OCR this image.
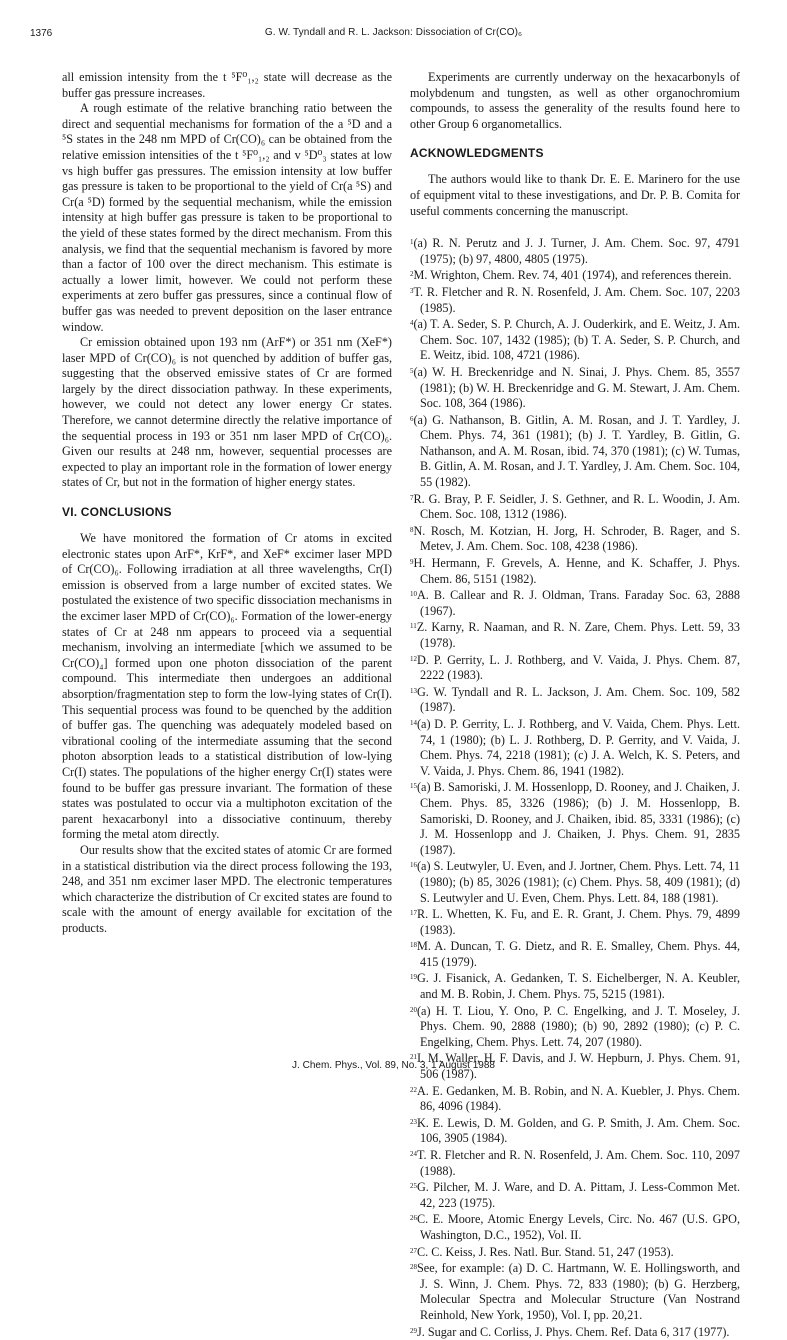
1376	G. W. Tyndall and R. L. Jackson: Dissociation of Cr(CO)₆

all emission intensity from the t ⁵F⁰₁,₂ state will decrease as the buffer gas pressure increases.

A rough estimate of the relative branching ratio between the direct and sequential mechanisms for formation of the a ⁵D and a ⁵S states in the 248 nm MPD of Cr(CO)₆ can be obtained from the relative emission intensities of the t ⁵F⁰₁,₂ and v ⁵D⁰₃ states at low vs high buffer gas pressures. The emission intensity at low buffer gas pressure is taken to be proportional to the yield of Cr(a ⁵S) and Cr(a ⁵D) formed by the sequential mechanism, while the emission intensity at high buffer gas pressure is taken to be proportional to the yield of these states formed by the direct mechanism. From this analysis, we find that the sequential mechanism is favored by more than a factor of 100 over the direct mechanism. This estimate is actually a lower limit, however. We could not perform these experiments at zero buffer gas pressures, since a continual flow of buffer gas was needed to prevent deposition on the laser entrance window.

Cr emission obtained upon 193 nm (ArF*) or 351 nm (XeF*) laser MPD of Cr(CO)₆ is not quenched by addition of buffer gas, suggesting that the observed emissive states of Cr are formed largely by the direct dissociation pathway. In these experiments, however, we could not detect any lower energy Cr states. Therefore, we cannot determine directly the relative importance of the sequential process in 193 or 351 nm laser MPD of Cr(CO)₆. Given our results at 248 nm, however, sequential processes are expected to play an important role in the formation of lower energy states of Cr, but not in the formation of higher energy states.

VI. CONCLUSIONS

We have monitored the formation of Cr atoms in excited electronic states upon ArF*, KrF*, and XeF* excimer laser MPD of Cr(CO)₆. Following irradiation at all three wavelengths, Cr(I) emission is observed from a large number of excited states. We postulated the existence of two specific dissociation mechanisms in the excimer laser MPD of Cr(CO)₆. Formation of the lower-energy states of Cr at 248 nm appears to proceed via a sequential mechanism, involving an intermediate [which we assumed to be Cr(CO)₄] formed upon one photon dissociation of the parent compound. This intermediate then undergoes an additional absorption/fragmentation step to form the low-lying states of Cr(I). This sequential process was found to be quenched by the addition of buffer gas. The quenching was adequately modeled based on vibrational cooling of the intermediate assuming that the second photon absorption leads to a statistical distribution of low-lying Cr(I) states. The populations of the higher energy Cr(I) states were found to be buffer gas pressure invariant. The formation of these states was postulated to occur via a multiphoton excitation of the parent hexacarbonyl into a dissociative continuum, thereby forming the metal atom directly.

Our results show that the excited states of atomic Cr are formed in a statistical distribution via the direct process following the 193, 248, and 351 nm excimer laser MPD. The electronic temperatures which characterize the distribution of Cr excited states are found to scale with the amount of energy available for excitation of the products.

Experiments are currently underway on the hexacarbonyls of molybdenum and tungsten, as well as other organochromium compounds, to assess the generality of the results found here to other Group 6 organometallics.

ACKNOWLEDGMENTS

The authors would like to thank Dr. E. E. Marinero for the use of equipment vital to these investigations, and Dr. P. B. Comita for useful comments concerning the manuscript.

$^1$(a) R. N. Perutz and J. J. Turner, J. Am. Chem. Soc. 97, 4791 (1975); (b) 97, 4800, 4805 (1975).

$^2$M. Wrighton, Chem. Rev. 74, 401 (1974), and references therein.

$^3$T. R. Fletcher and R. N. Rosenfeld, J. Am. Chem. Soc. 107, 2203 (1985).

$^4$(a) T. A. Seder, S. P. Church, A. J. Ouderkirk, and E. Weitz, J. Am. Chem. Soc. 107, 1432 (1985); (b) T. A. Seder, S. P. Church, and E. Weitz, ibid. 108, 4721 (1986).

$^5$(a) W. H. Breckenridge and N. Sinai, J. Phys. Chem. 85, 3557 (1981); (b) W. H. Breckenridge and G. M. Stewart, J. Am. Chem. Soc. 108, 364 (1986).

$^6$(a) G. Nathanson, B. Gitlin, A. M. Rosan, and J. T. Yardley, J. Chem. Phys. 74, 361 (1981); (b) J. T. Yardley, B. Gitlin, G. Nathanson, and A. M. Rosan, ibid. 74, 370 (1981); (c) W. Tumas, B. Gitlin, A. M. Rosan, and J. T. Yardley, J. Am. Chem. Soc. 104, 55 (1982).

$^7$R. G. Bray, P. F. Seidler, J. S. Gethner, and R. L. Woodin, J. Am. Chem. Soc. 108, 1312 (1986).

$^8$N. Rosch, M. Kotzian, H. Jorg, H. Schroder, B. Rager, and S. Metev, J. Am. Chem. Soc. 108, 4238 (1986).

$^9$H. Hermann, F. Grevels, A. Henne, and K. Schaffer, J. Phys. Chem. 86, 5151 (1982).

$^{10}$A. B. Callear and R. J. Oldman, Trans. Faraday Soc. 63, 2888 (1967).

$^{11}$Z. Karny, R. Naaman, and R. N. Zare, Chem. Phys. Lett. 59, 33 (1978).

$^{12}$D. P. Gerrity, L. J. Rothberg, and V. Vaida, J. Phys. Chem. 87, 2222 (1983).

$^{13}$G. W. Tyndall and R. L. Jackson, J. Am. Chem. Soc. 109, 582 (1987).

$^{14}$(a) D. P. Gerrity, L. J. Rothberg, and V. Vaida, Chem. Phys. Lett. 74, 1 (1980); (b) L. J. Rothberg, D. P. Gerrity, and V. Vaida, J. Chem. Phys. 74, 2218 (1981); (c) J. A. Welch, K. S. Peters, and V. Vaida, J. Phys. Chem. 86, 1941 (1982).

$^{15}$(a) B. Samoriski, J. M. Hossenlopp, D. Rooney, and J. Chaiken, J. Chem. Phys. 85, 3326 (1986); (b) J. M. Hossenlopp, B. Samoriski, D. Rooney, and J. Chaiken, ibid. 85, 3331 (1986); (c) J. M. Hossenlopp and J. Chaiken, J. Phys. Chem. 91, 2835 (1987).

$^{16}$(a) S. Leutwyler, U. Even, and J. Jortner, Chem. Phys. Lett. 74, 11 (1980); (b) 85, 3026 (1981); (c) Chem. Phys. 58, 409 (1981); (d) S. Leutwyler and U. Even, Chem. Phys. Lett. 84, 188 (1981).

$^{17}$R. L. Whetten, K. Fu, and E. R. Grant, J. Chem. Phys. 79, 4899 (1983).

$^{18}$M. A. Duncan, T. G. Dietz, and R. E. Smalley, Chem. Phys. 44, 415 (1979).

$^{19}$G. J. Fisanick, A. Gedanken, T. S. Eichelberger, N. A. Keubler, and M. B. Robin, J. Chem. Phys. 75, 5215 (1981).

$^{20}$(a) H. T. Liou, Y. Ono, P. C. Engelking, and J. T. Moseley, J. Phys. Chem. 90, 2888 (1980); (b) 90, 2892 (1980); (c) P. C. Engelking, Chem. Phys. Lett. 74, 207 (1980).

$^{21}$I. M. Waller, H. F. Davis, and J. W. Hepburn, J. Phys. Chem. 91, 506 (1987).

$^{22}$A. E. Gedanken, M. B. Robin, and N. A. Kuebler, J. Phys. Chem. 86, 4096 (1984).

$^{23}$K. E. Lewis, D. M. Golden, and G. P. Smith, J. Am. Chem. Soc. 106, 3905 (1984).

$^{24}$T. R. Fletcher and R. N. Rosenfeld, J. Am. Chem. Soc. 110, 2097 (1988).

$^{25}$G. Pilcher, M. J. Ware, and D. A. Pittam, J. Less-Common Met. 42, 223 (1975).

$^{26}$C. E. Moore, Atomic Energy Levels, Circ. No. 467 (U.S. GPO, Washington, D.C., 1952), Vol. II.

$^{27}$C. C. Keiss, J. Res. Natl. Bur. Stand. 51, 247 (1953).

$^{28}$See, for example: (a) D. C. Hartmann, W. E. Hollingsworth, and J. S. Winn, J. Chem. Phys. 72, 833 (1980); (b) G. Herzberg, Molecular Spectra and Molecular Structure (Van Nostrand Reinhold, New York, 1950), Vol. I, pp. 20,21.

$^{29}$J. Sugar and C. Corliss, J. Phys. Chem. Ref. Data 6, 317 (1977).

J. Chem. Phys., Vol. 89, No. 3, 1 August 1988
